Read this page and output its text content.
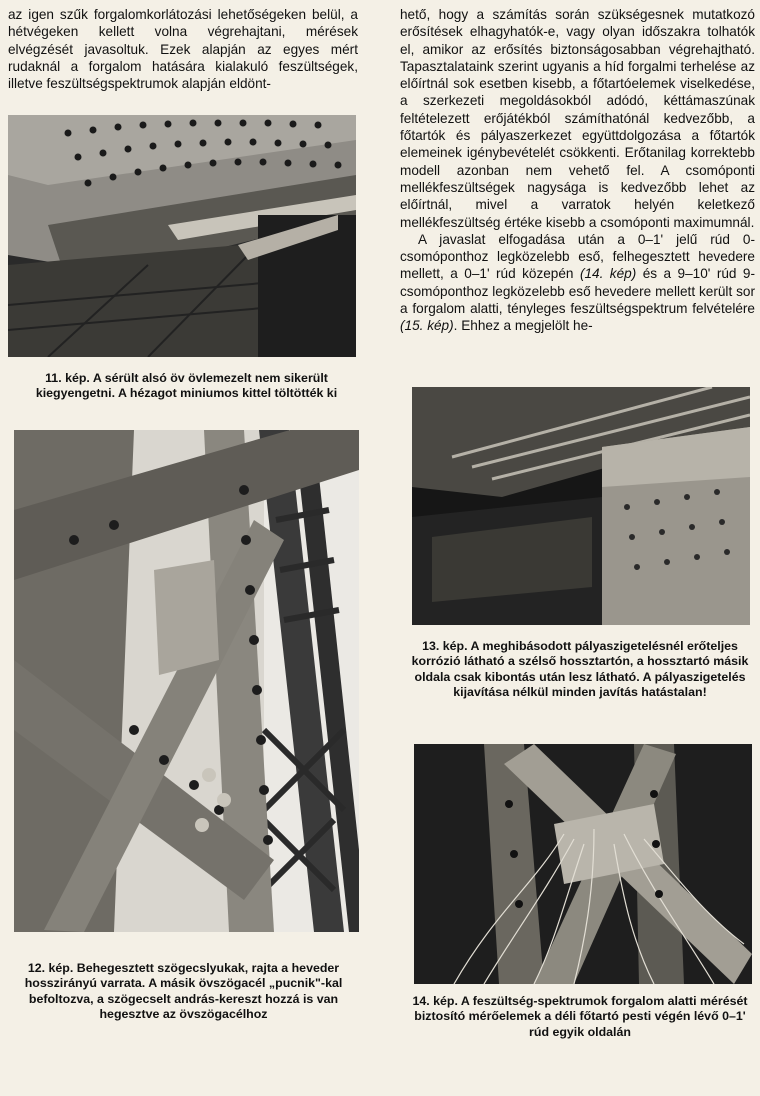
az igen szűk forgalomkorlátozási lehetőségeken belül, a hétvégeken kellett volna végrehajtani, mérések elvégzését javasoltuk. Ezek alapján az egyes mért rudaknál a forgalom hatására kialakuló feszültségek, illetve feszültségspektrumok alapján eldönt-

hető, hogy a számítás során szükségesnek mutatkozó erősítések elhagyhatók-e, vagy olyan időszakra tolhatók el, amikor az erősítés biztonságosabban végrehajtható. Tapasztalataink szerint ugyanis a híd forgalmi terhelése az előírtnál sok esetben kisebb, a főtartóelemek viselkedése, a szerkezeti megoldásokból adódó, kéttámaszúnak feltételezett erőjátékból számíthatónál kedvezőbb, a főtartók és pályaszerkezet együttdolgozása a főtartók elemeinek igénybevételét csökkenti. Erőtanilag korrektebb modell azonban nem vehető fel. A csomóponti mellékfeszültségek nagysága is kedvezőbb lehet az előírtnál, mivel a varratok helyén keletkező mellékfeszültség értéke kisebb a csomóponti maximumnál.

A javaslat elfogadása után a 0–1' jelű rúd 0-csomóponthoz legközelebb eső, felhegesztett hevedere mellett, a 0–1' rúd közepén (14. kép) és a 9–10' rúd 9-csomóponthoz legközelebb eső hevedere mellett került sor a forgalom alatti, tényleges feszültségspektrum felvételére (15. kép). Ehhez a megjelölt he-

11. kép. A sérült alsó öv övlemezelt nem sikerült kiegyengetni. A hézagot miniumos kittel töltötték ki

12. kép. Behegesztett szögecslyukak, rajta a heveder hosszirányú varrata. A másik övszögacél „pucnik"-kal befoltozva, a szögecselt andrás-kereszt hozzá is van hegesztve az övszögacélhoz

13. kép. A meghibásodott pályaszigetelésnél erőteljes korrózió látható a szélső hossztartón, a hossztartó másik oldala csak kibontás után lesz látható. A pályaszigetelés kijavítása nélkül minden javítás hatástalan!

14. kép. A feszültség-spektrumok forgalom alatti mérését biztosító mérőelemek a déli főtartó pesti végén lévő 0–1' rúd egyik oldalán
